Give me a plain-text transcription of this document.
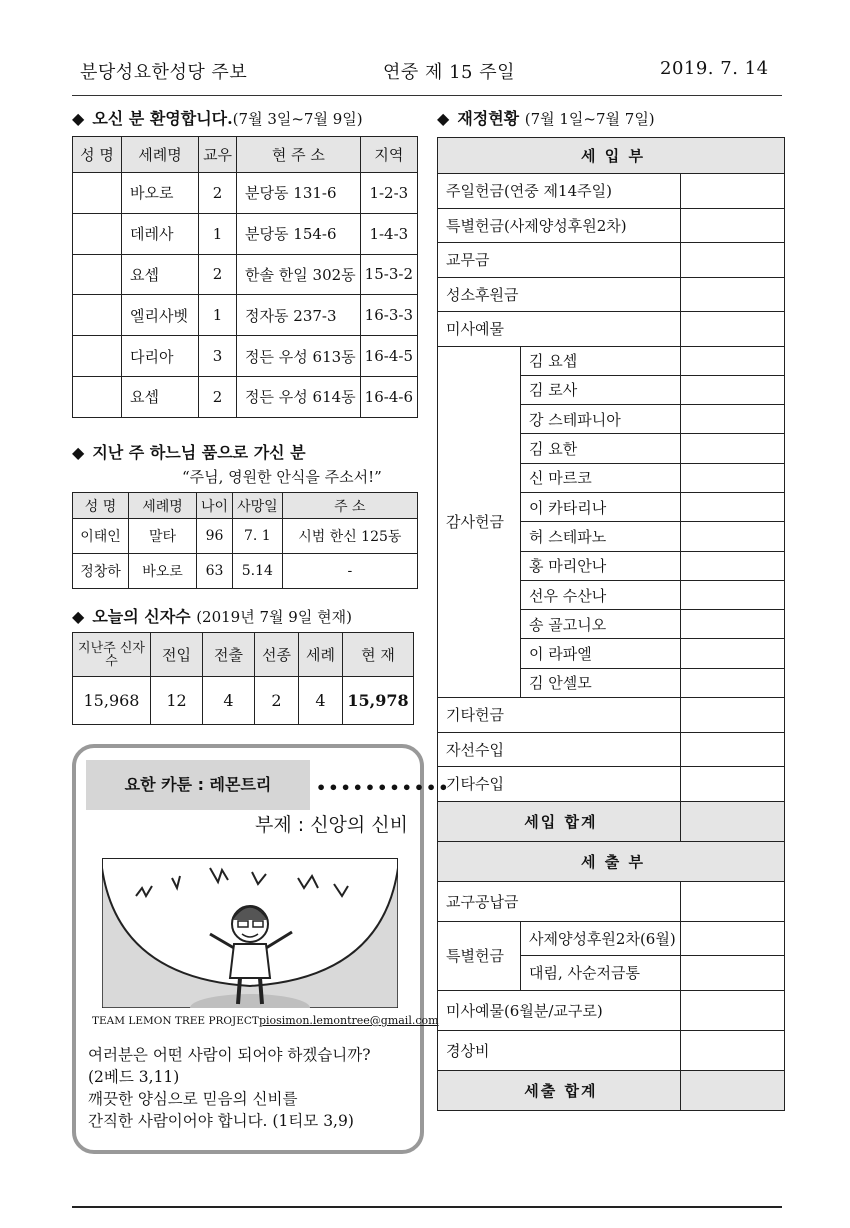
분당성요한성당 주보	연중 제 15 주일	2019. 7. 14
◆ 오신 분 환영합니다.(7월 3일~7월 9일)
성 명	세례명	교우	현 주 소	지역
	바오로	2	분당동 131-6	1-2-3
	데레사	1	분당동 154-6	1-4-3
	요셉	2	한솔 한일 302동	15-3-2
	엘리사벳	1	정자동 237-3	16-3-3
	다리아	3	정든 우성 613동	16-4-5
	요셉	2	정든 우성 614동	16-4-6
◆ 지난 주 하느님 품으로 가신 분
“주님, 영원한 안식을 주소서!”
성 명	세례명	나이	사망일	주 소
이태인	말타	96	7. 1	시범 한신 125동
정창하	바오로	63	5.14	-
◆ 오늘의 신자수 (2019년 7월 9일 현재)
지난주 신자수	전입	전출	선종	세례	현 재
15,968	12	4	2	4	15,978
요한 카툰 : 레몬트리	•••••••••••
부제 : 신앙의 신비
TEAM LEMON TREE PROJECTpiosimon.lemontree@gmail.com
여러분은 어떤 사람이 되어야 하겠습니까?
(2베드 3,11)
깨끗한 양심으로 믿음의 신비를
간직한 사람이어야 합니다. (1티모 3,9)
◆ 재정현황 (7월 1일~7월 7일)
세 입 부		
주일헌금(연중 제14주일)		
특별헌금(사제양성후원2차)		
교무금		
성소후원금		
미사예물		
감사헌금	김 요셉	
	김 로사	
	강 스테파니아	
	김 요한	
	신 마르코	
	이 카타리나	
	허 스테파노	
	홍 마리안나	
	선우 수산나	
	송 골고니오	
	이 라파엘	
	김 안셀모	
기타헌금		
자선수입		
기타수입		
세입 합계		
세 출 부		
교구공납금		
특별헌금	사제양성후원2차(6월)	
	대림, 사순저금통	
미사예물(6월분/교구로)		
경상비		
세출 합계		
